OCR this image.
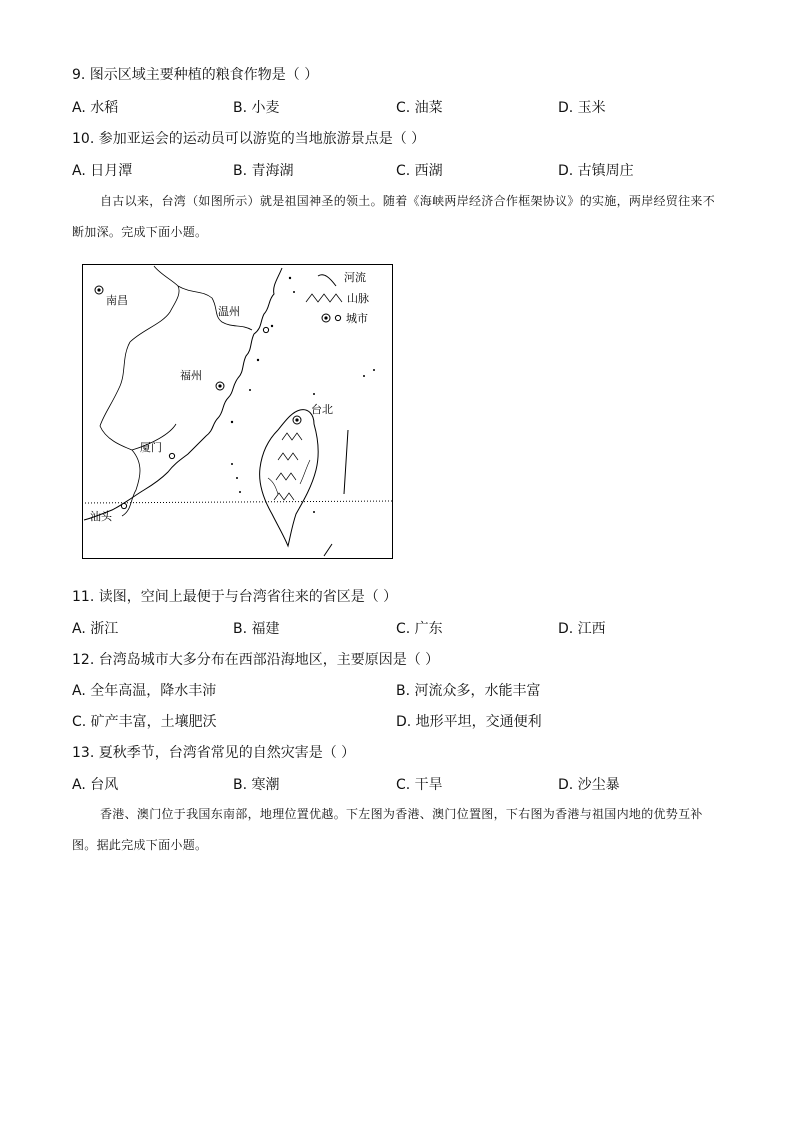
9. 图示区域主要种植的粮食作物是（ ）
A. 水稻	B. 小麦	C. 油菜	D. 玉米
10. 参加亚运会的运动员可以游览的当地旅游景点是（ ）
A. 日月潭	B. 青海湖	C. 西湖	D. 古镇周庄
自古以来，台湾（如图所示）就是祖国神圣的领土。随着《海峡两岸经济合作框架协议》的实施，两岸经贸往来不断加深。完成下面小题。
河流
山脉
城市
南昌
温州
福州
厦门
汕头
台北
11. 读图，空间上最便于与台湾省往来的省区是（ ）
A. 浙江	B. 福建	C. 广东	D. 江西
12. 台湾岛城市大多分布在西部沿海地区，主要原因是（ ）
A. 全年高温，降水丰沛	B. 河流众多，水能丰富
C. 矿产丰富，土壤肥沃	D. 地形平坦，交通便利
13. 夏秋季节，台湾省常见的自然灾害是（ ）
A. 台风	B. 寒潮	C. 干旱	D. 沙尘暴
香港、澳门位于我国东南部，地理位置优越。下左图为香港、澳门位置图，下右图为香港与祖国内地的优势互补图。据此完成下面小题。
